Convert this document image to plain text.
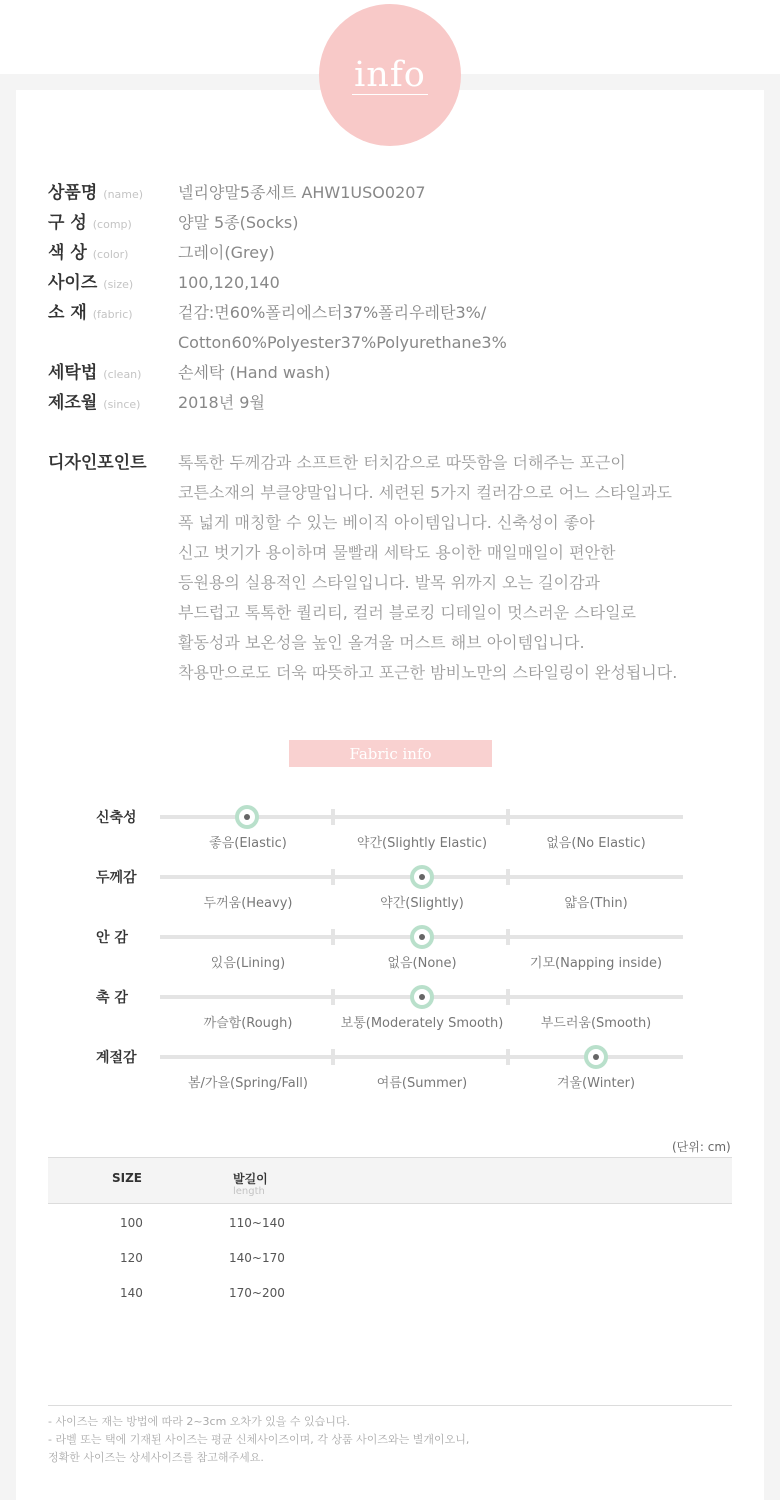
info
상품명 (name) 넬리양말5종세트 AHW1USO0207
구 성 (comp)	양말 5종(Socks)
색 상 (color)	그레이(Grey)
사이즈 (size)	100,120,140
소 재 (fabric)	겉감:면60%폴리에스터37%폴리우레탄3%/
Cotton60%Polyester37%Polyurethane3%
세탁법 (clean) 손세탁 (Hand wash)
제조월 (since) 2018년 9월
디자인포인트	톡톡한 두께감과 소프트한 터치감으로 따뜻함을 더해주는 포근이
코튼소재의 부클양말입니다. 세련된 5가지 컬러감으로 어느 스타일과도
폭 넓게 매칭할 수 있는 베이직 아이템입니다. 신축성이 좋아
신고 벗기가 용이하며 물빨래 세탁도 용이한 매일매일이 편안한
등원용의 실용적인 스타일입니다. 발목 위까지 오는 길이감과
부드럽고 톡톡한 퀄리티, 컬러 블로킹 디테일이 멋스러운 스타일로
활동성과 보온성을 높인 올겨울 머스트 해브 아이템입니다.
착용만으로도 더욱 따뜻하고 포근한 밤비노만의 스타일링이 완성됩니다.
Fabric info
신축성
좋음(Elastic)	약간(Slightly Elastic)	없음(No Elastic)
두께감
두꺼움(Heavy)	약간(Slightly)	얇음(Thin)
안 감
있음(Lining)	없음(None)	기모(Napping inside)
촉 감
까슬함(Rough)	보통(Moderately Smooth)	부드러움(Smooth)
계절감
봄/가을(Spring/Fall)	여름(Summer)	겨울(Winter)
(단위: cm)
SIZE	발길이
length
100	110~140
120	140~170
140	170~200
- 사이즈는 재는 방법에 따라 2~3cm 오차가 있을 수 있습니다.
- 라벨 또는 택에 기재된 사이즈는 평균 신체사이즈이며, 각 상품 사이즈와는 별개이오니,
정확한 사이즈는 상세사이즈를 참고해주세요.
